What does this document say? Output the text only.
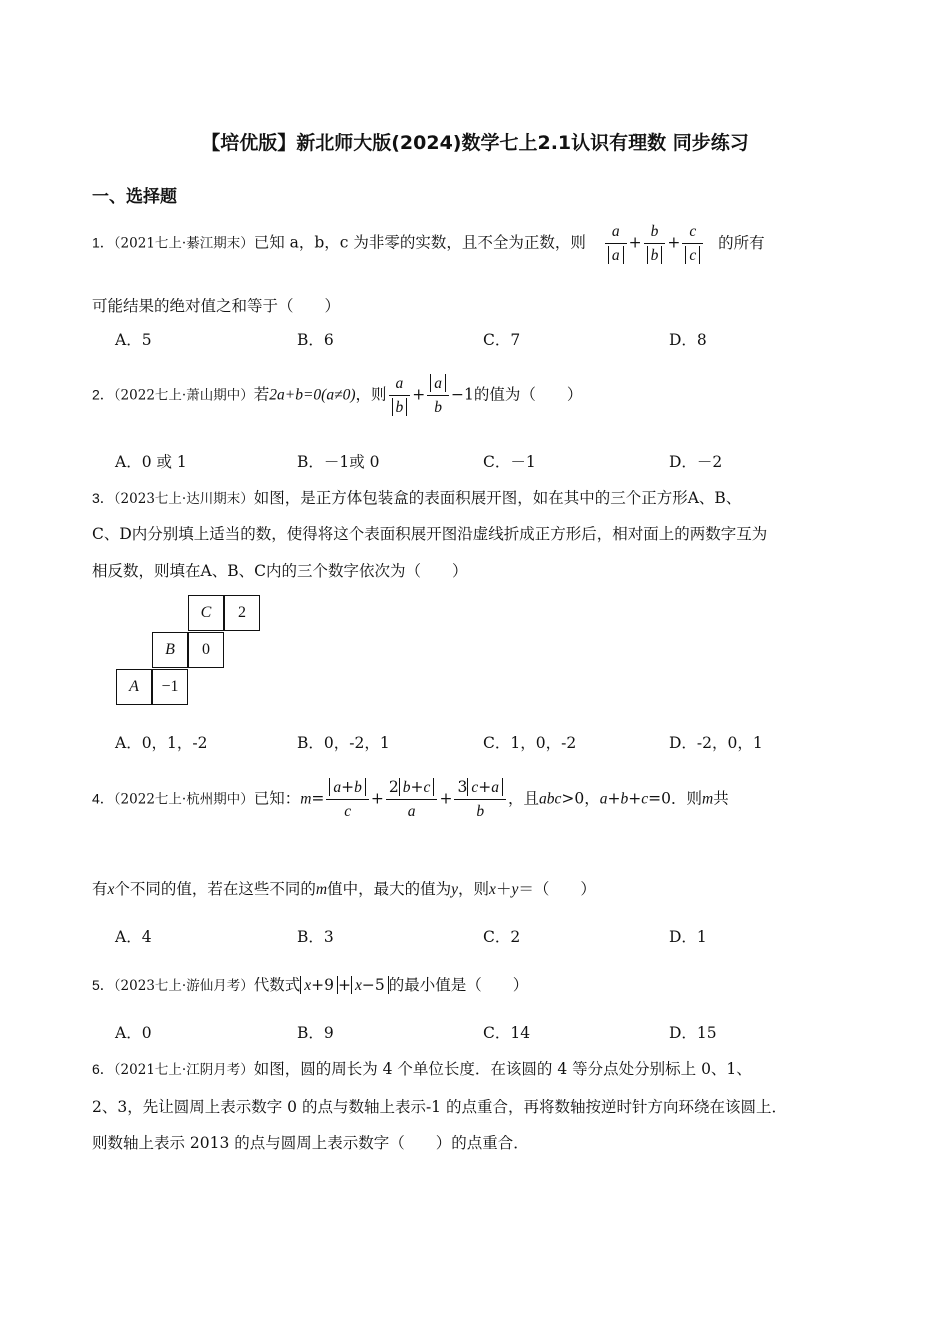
【培优版】新北师大版(2024)数学七上2.1认识有理数 同步练习
一、选择题
1．（2021七上·綦江期末）已知 a，b，c 为非零的实数，且不全为正数，则 $\frac{a}{a} + \frac{b}{b} + \frac{c}{c}$ 的所有
可能结果的绝对值之和等于（　　）
A．5	B．6	C．7	D．8
2．（2022七上·萧山期中）若2a+b=0(a≠0)，则 $\frac{a}{b} + \frac{a}{b} -1$的值为（　　）
A．0 或 1	B．－1或 0	C．－1	D．－2
3．（2023七上·达川期末）如图，是正方体包装盒的表面积展开图，如在其中的三个正方形A、B、
C、D内分别填上适当的数，使得将这个表面积展开图沿虚线折成正方形后，相对面上的两数字互为
相反数，则填在A、B、C内的三个数字依次为（　　）
C 2
B 0
A −1
A．0，1，-2	B．0，-2，1	C．1，0，-2	D．-2，0，1
4．（2022七上·杭州期中）已知：$m= \frac{a+b}{c} + \frac{2 b+c}{a} + \frac{3 c+a}{b}$ ，且abc>0，a+b+c=0．则m共
有x个不同的值，若在这些不同的m值中，最大的值为y，则x＋y＝（　　）
A．4	B．3	C．2	D．1
5．（2023七上·游仙月考）代数式 x+9 + x−5 的最小值是（　　）
A．0	B．9	C．14	D．15
6．（2021七上·江阴月考）如图，圆的周长为 4 个单位长度．在该圆的 4 等分点处分别标上 0、1、
2、3，先让圆周上表示数字 0 的点与数轴上表示-1 的点重合，再将数轴按逆时针方向环绕在该圆上．
则数轴上表示 2013 的点与圆周上表示数字（　　）的点重合．
